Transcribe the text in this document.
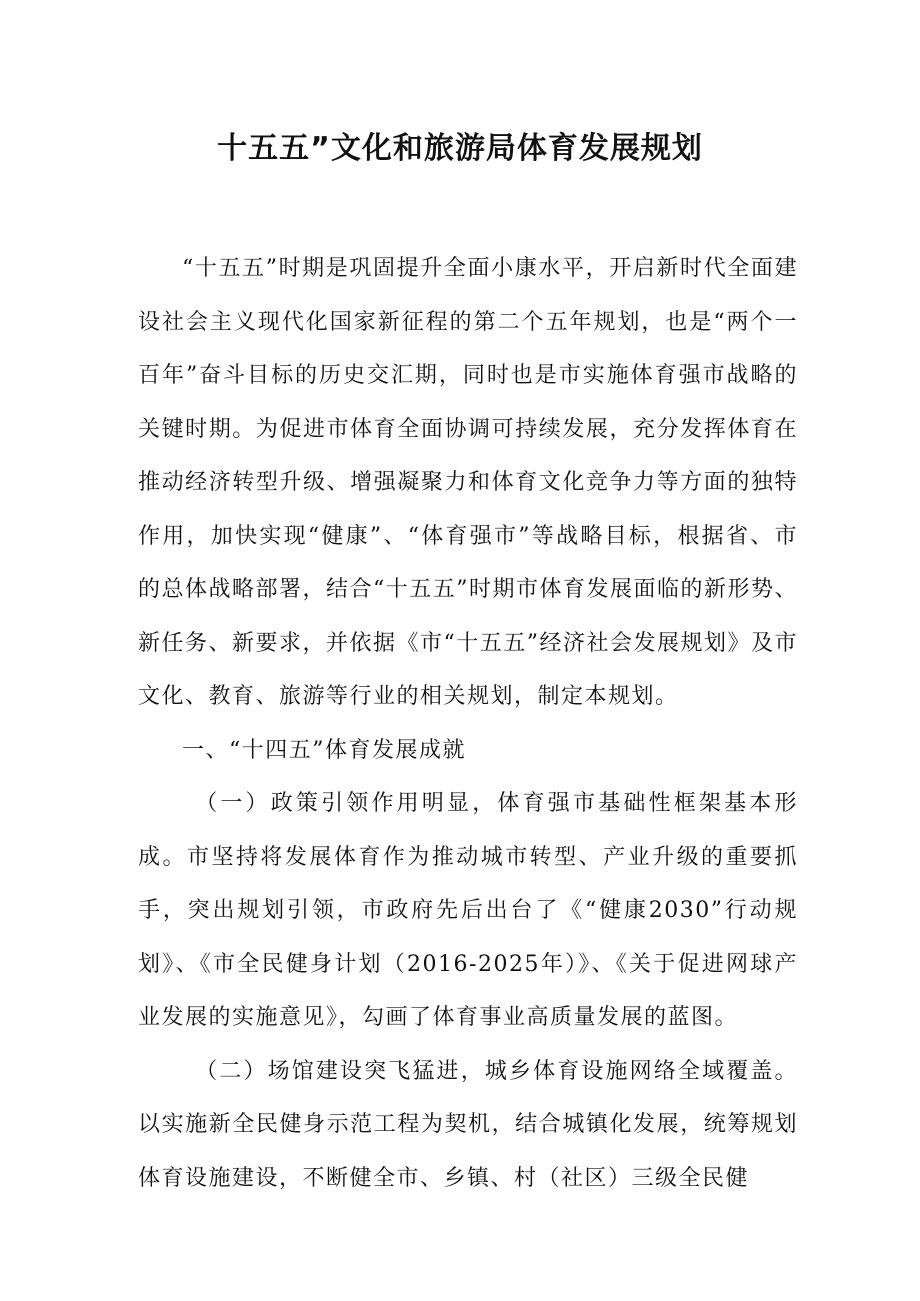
十五五”文化和旅游局体育发展规划

“十五五”时期是巩固提升全面小康水平，开启新时代全面建设社会主义现代化国家新征程的第二个五年规划，也是“两个一百年”奋斗目标的历史交汇期，同时也是市实施体育强市战略的关键时期。为促进市体育全面协调可持续发展，充分发挥体育在推动经济转型升级、增强凝聚力和体育文化竞争力等方面的独特作用，加快实现“健康”、“体育强市”等战略目标，根据省、市的总体战略部署，结合“十五五”时期市体育发展面临的新形势、新任务、新要求，并依据《市“十五五”经济社会发展规划》及市文化、教育、旅游等行业的相关规划，制定本规划。

一、“十四五”体育发展成就

（一）政策引领作用明显，体育强市基础性框架基本形成。市坚持将发展体育作为推动城市转型、产业升级的重要抓手，突出规划引领，市政府先后出台了《“健康2030”行动规划》、《市全民健身计划（2016-2025年）》、《关于促进网球产业发展的实施意见》，勾画了体育事业高质量发展的蓝图。

（二）场馆建设突飞猛进，城乡体育设施网络全域覆盖。以实施新全民健身示范工程为契机，结合城镇化发展，统筹规划体育设施建设，不断健全市、乡镇、村（社区）三级全民健
